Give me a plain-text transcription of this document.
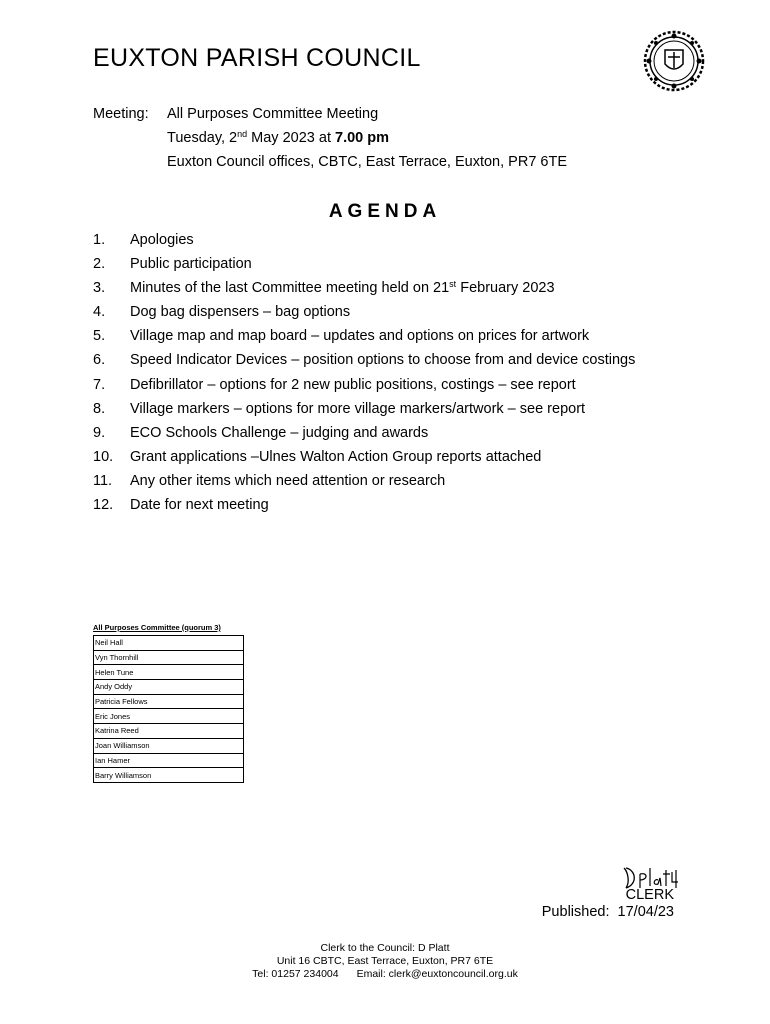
EUXTON PARISH COUNCIL
Meeting:	All Purposes Committee Meeting
Tuesday, 2nd May 2023 at 7.00 pm
Euxton Council offices, CBTC, East Terrace, Euxton, PR7 6TE
AGENDA
1.	Apologies
2.	Public participation
3.	Minutes of the last Committee meeting held on 21st February 2023
4.	Dog bag dispensers – bag options
5.	Village map and map board – updates and options on prices for artwork
6.	Speed Indicator Devices – position options to choose from and device costings
7.	Defibrillator – options for 2 new public positions, costings – see report
8.	Village markers – options for more village markers/artwork – see report
9.	ECO Schools Challenge – judging and awards
10.	Grant applications –Ulnes Walton Action Group reports attached
11.	Any other items which need attention or research
12.	Date for next meeting
All Purposes Committee (quorum 3)
Neil Hall
Vyn Thornhill
Helen Tune
Andy Oddy
Patricia Fellows
Eric Jones
Katrina Reed
Joan Williamson
Ian Hamer
Barry Williamson
CLERK
Published: 17/04/23
Clerk to the Council: D Platt
Unit 16 CBTC, East Terrace, Euxton, PR7 6TE
Tel: 01257 234004 Email: clerk@euxtoncouncil.org.uk
